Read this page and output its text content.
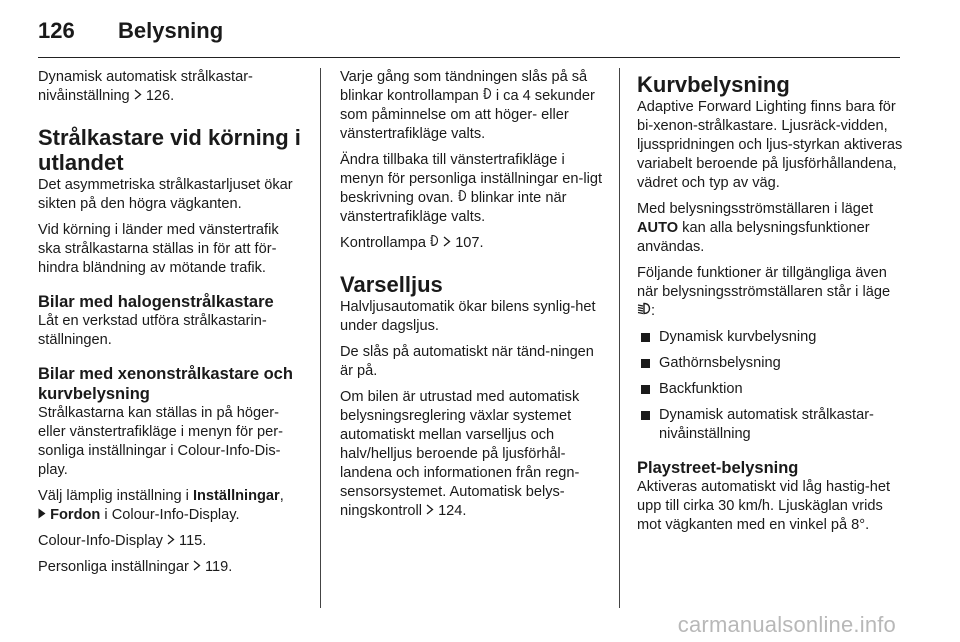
126 Belysning

Dynamisk automatisk strålkastar-nivåinställning 126.

Strålkastare vid körning i utlandet

Det asymmetriska strålkastarljuset ökar sikten på den högra vägkanten.

Vid körning i länder med vänstertrafik ska strålkastarna ställas in för att för-hindra bländning av mötande trafik.

Bilar med halogenstrålkastare

Låt en verkstad utföra strålkastarin-ställningen.

Bilar med xenonstrålkastare och kurvbelysning

Strålkastarna kan ställas in på höger- eller vänstertrafikläge i menyn för per-sonliga inställningar i Colour-Info-Dis-play.

Välj lämplig inställning i Inställningar,
Fordon i Colour-Info-Display.

Colour-Info-Display 115.

Personliga inställningar 119.

Varje gång som tändningen slås på så blinkar kontrollampan i ca 4 sekunder som påminnelse om att höger- eller vänstertrafikläge valts.

Ändra tillbaka till vänstertrafikläge i menyn för personliga inställningar en-ligt beskrivning ovan. blinkar inte när vänstertrafikläge valts.

Kontrollampa 107.

Varselljus

Halvljusautomatik ökar bilens synlig-het under dagsljus.

De slås på automatiskt när tänd-ningen är på.

Om bilen är utrustad med automatisk belysningsreglering växlar systemet automatiskt mellan varselljus och halv/helljus beroende på ljusförhål-landena och informationen från regn-sensorsystemet. Automatisk belys-ningskontroll 124.

Kurvbelysning

Adaptive Forward Lighting finns bara för bi-xenon-strålkastare. Ljusräck-vidden, ljusspridningen och ljus-styrkan aktiveras variabelt beroende på ljusförhållandena, vädret och typ av väg.

Med belysningsströmställaren i läget AUTO kan alla belysningsfunktioner användas.

Följande funktioner är tillgängliga även när belysningsströmställaren står i läge :

Dynamisk kurvbelysning
Gathörnsbelysning
Backfunktion
Dynamisk automatisk strålkastar-nivåinställning
Playstreet-belysning

Aktiveras automatiskt vid låg hastig-het upp till cirka 30 km/h. Ljuskäglan vrids mot vägkanten med en vinkel på 8°.

carmanualsonline.info
